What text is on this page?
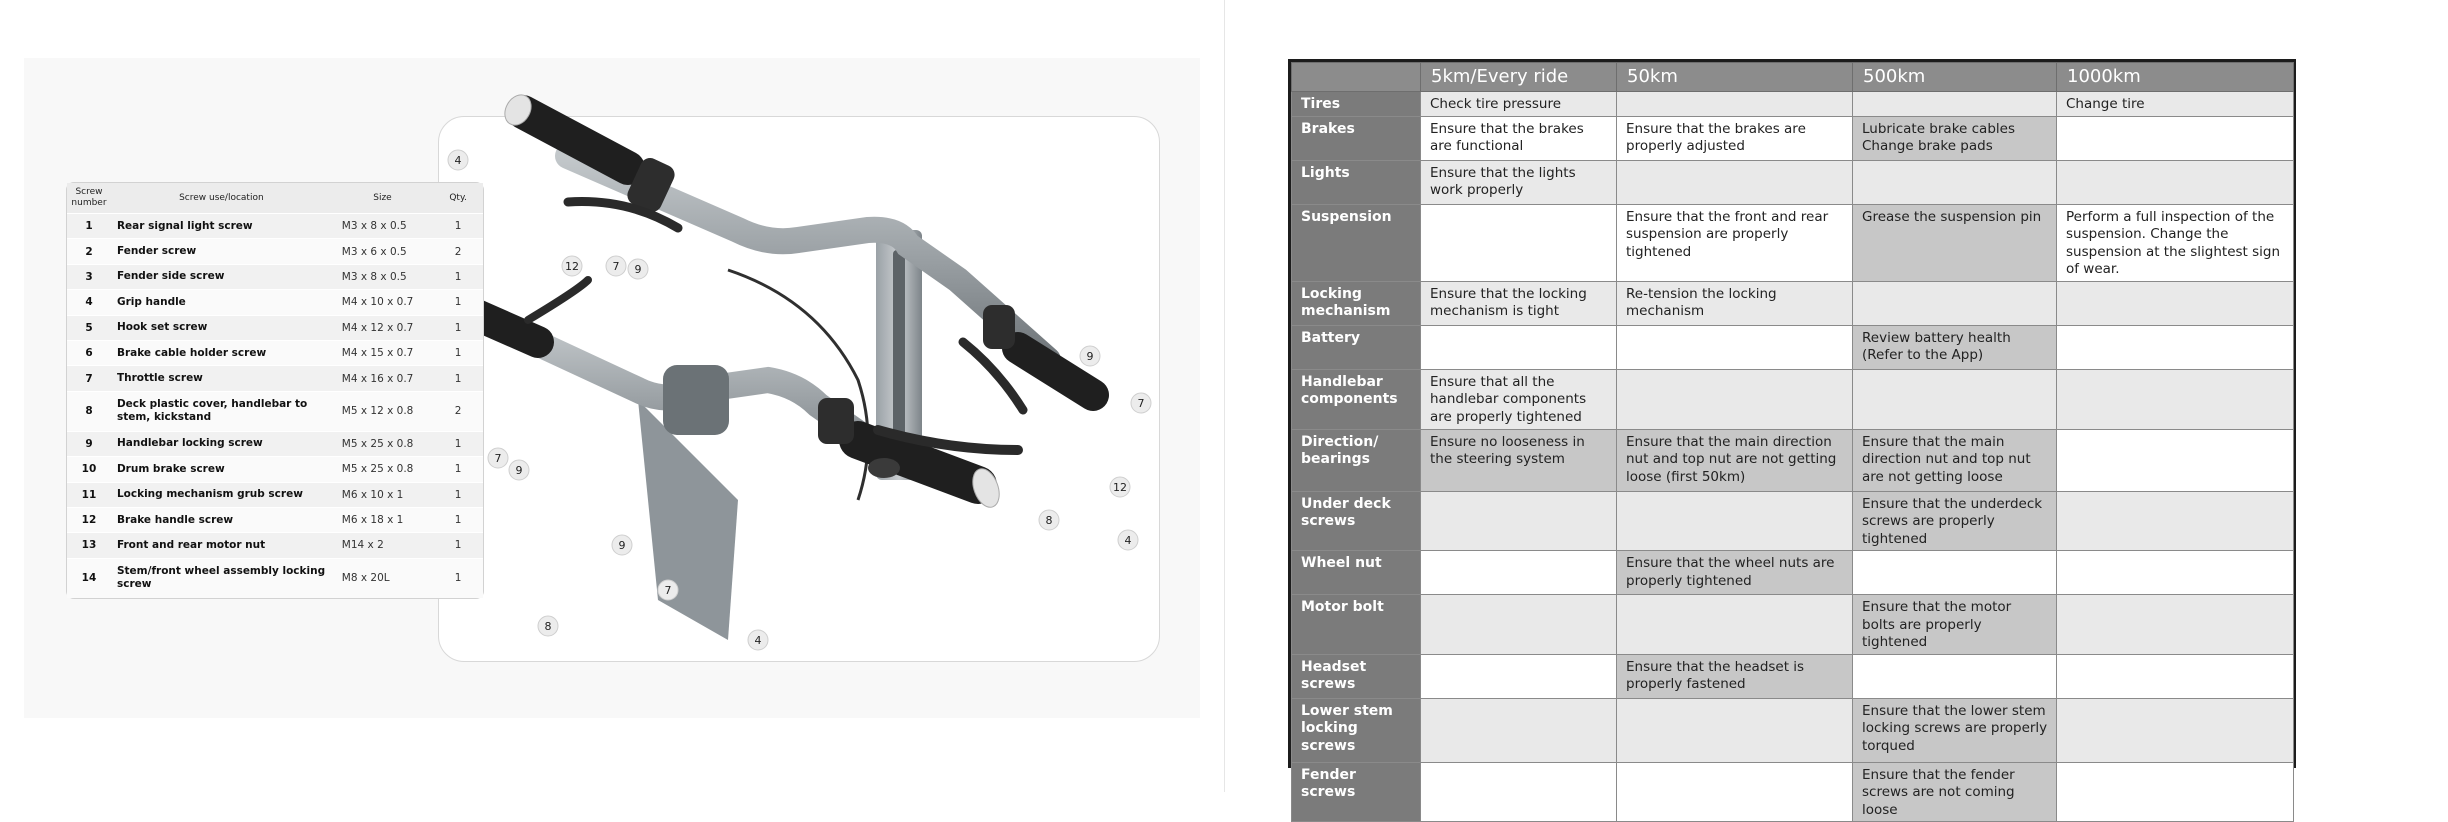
Screw number	Screw use/location	Size	Qty.
1	Rear signal light screw	M3 x 8 x 0.5	1
2	Fender screw	M3 x 6 x 0.5	2
3	Fender side screw	M3 x 8 x 0.5	1
4	Grip handle	M4 x 10 x 0.7	1
5	Hook set screw	M4 x 12 x 0.7	1
6	Brake cable holder screw	M4 x 15 x 0.7	1
7	Throttle screw	M4 x 16 x 0.7	1
8	Deck plastic cover, handlebar to stem, kickstand	M5 x 12 x 0.8	2
9	Handlebar locking screw	M5 x 25 x 0.8	1
10	Drum brake screw	M5 x 25 x 0.8	1
11	Locking mechanism grub screw	M6 x 10 x 1	1
12	Brake handle screw	M6 x 18 x 1	1
13	Front and rear motor nut	M14 x 2	1
14	Stem/front wheel assembly locking screw	M8 x 20L	1
4
12	7 9
9
7
12
8
4
7
9
9
7
8
4
	5km/Every ride	50km	500km	1000km
Tires	Check tire pressure			Change tire
Brakes	Ensure that the brakes are functional	Ensure that the brakes are properly adjusted	Lubricate brake cables
Change brake pads	
Lights	Ensure that the lights work properly			
Suspension		Ensure that the front and rear suspension are properly tightened	Grease the suspension pin	Perform a full inspection of the suspension. Change the suspension at the slightest sign of wear.
Locking mechanism	Ensure that the locking mechanism is tight	Re-tension the locking mechanism		
Battery			Review battery health
(Refer to the App)	
Handlebar components	Ensure that all the handlebar components are properly tightened			
Direction/ bearings	Ensure no looseness in the steering system	Ensure that the main direction nut and top nut are not getting loose (first 50km)	Ensure that the main direction nut and top nut are not getting loose	
Under deck screws			Ensure that the underdeck screws are properly tightened	
Wheel nut		Ensure that the wheel nuts are properly tightened		
Motor bolt			Ensure that the motor bolts are properly tightened	
Headset screws		Ensure that the headset is properly fastened		
Lower stem locking screws			Ensure that the lower stem locking screws are properly torqued	
Fender screws			Ensure that the fender screws are not coming loose	
